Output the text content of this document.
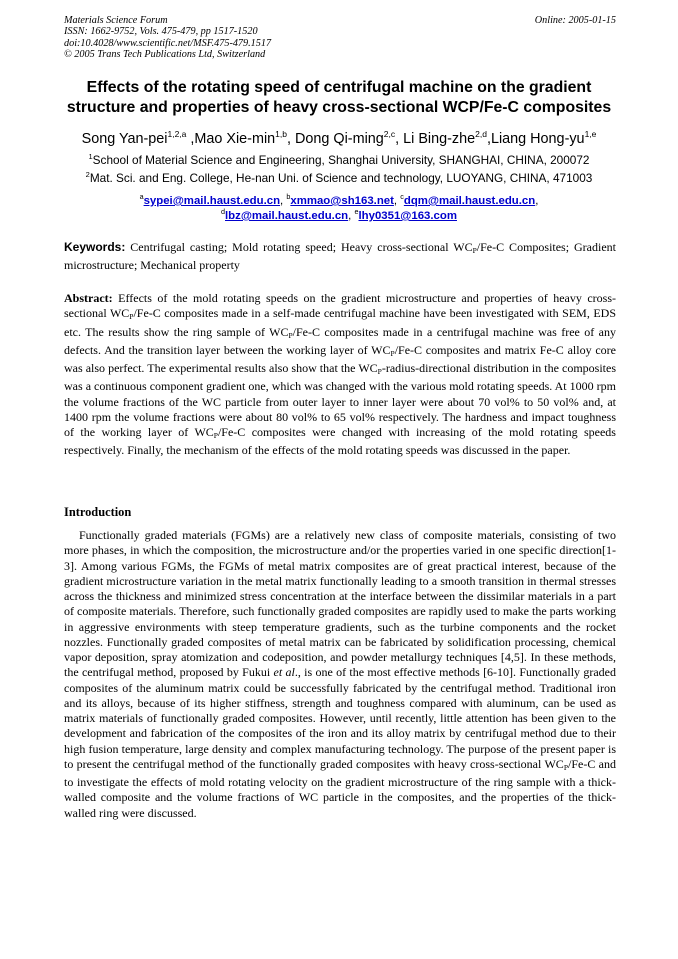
Materials Science Forum
ISSN: 1662-9752, Vols. 475-479, pp 1517-1520
doi:10.4028/www.scientific.net/MSF.475-479.1517
© 2005 Trans Tech Publications Ltd, Switzerland
Online: 2005-01-15
Effects of the rotating speed of centrifugal machine on the gradient
structure and properties of heavy cross-sectional WCP/Fe-C composites
Song Yan-pei$^{1,2,a}$ ,Mao Xie-$\min^{1,b}$, Dong Qi-ming$^{2,c}$, Li Bing-zhe$^{2,d}$,Liang Hong-yu$^{1,e}$
$^1$School of Material Science and Engineering, Shanghai University, SHANGHAI, CHINA, 200072
$^2$Mat. Sci. and Eng. College, He-nan Uni. of Science and technology, LUOYANG, CHINA, 471003
$^a$sypei@mail.haust.edu.cn, $^b$xmmao@sh163.net, $^c$dqm@mail.haust.edu.cn,
$^d$lbz@mail.haust.edu.cn, $^e$lhy0351@163.com
Keywords: Centrifugal casting; Mold rotating speed; Heavy cross-sectional $WC_P/Fe-C$ Composites; Gradient microstructure; Mechanical property
Abstract: Effects of the mold rotating speeds on the gradient microstructure and properties of heavy cross-sectional $WC_P/Fe-C$ composites made in a self-made centrifugal machine have been investigated with SEM, EDS etc. The results show the ring sample of $WC_P/Fe-C$ composites made in a centrifugal machine was free of any defects. And the transition layer between the working layer of $WC_P/Fe-C$ composites and matrix Fe-C alloy core was also perfect. The experimental results also show that the $WC_P-radius$-directional distribution in the composites was a continuous component gradient one, which was changed with the various mold rotating speeds. At 1000 rpm the volume fractions of the WC particle from outer layer to inner layer were about 70 vol% to 50 vol% and, at 1400 rpm the volume fractions were about 80 vol% to 65 vol% respectively. The hardness and impact toughness of the working layer of $WC_P/Fe-C$ composites were changed with increasing of the mold rotating speeds respectively. Finally, the mechanism of the effects of the mold rotating speeds was discussed in the paper.
Introduction
Functionally graded materials (FGMs) are a relatively new class of composite materials, consisting of two more phases, in which the composition, the microstructure and/or the properties varied in one specific direction[1-3]. Among various FGMs, the FGMs of metal matrix composites are of great practical interest, because of the gradient microstructure variation in the metal matrix functionally leading to a smooth transition in thermal stresses across the thickness and minimized stress concentration at the interface between the dissimilar materials in a part of composite materials. Therefore, such functionally graded composites are rapidly used to make the parts working in aggressive environments with steep temperature gradients, such as the turbine components and the rocket nozzles. Functionally graded composites of metal matrix can be fabricated by solidification processing, chemical vapor deposition, spray atomization and codeposition, and powder metallurgy techniques [4,5]. In these methods, the centrifugal method, proposed by Fukui et al., is one of the most effective methods [6-10]. Functionally graded composites of the aluminum matrix could be successfully fabricated by the centrifugal method. Traditional iron and its alloys, because of its higher stiffness, strength and toughness compared with aluminum, can be used as matrix materials of functionally graded composites. However, until recently, little attention has been given to the development and fabrication of the composites of the iron and its alloy matrix by centrifugal method due to their high fusion temperature, large density and complex manufacturing technology. The purpose of the present paper is to present the centrifugal method of the functionally graded composites with heavy cross-sectional $WC_P/Fe-C$ and to investigate the effects of mold rotating velocity on the gradient microstructure of the ring sample with a thick-walled composite and the volume fractions of WC particle in the composites, and the properties of the thick-walled ring were discussed.
